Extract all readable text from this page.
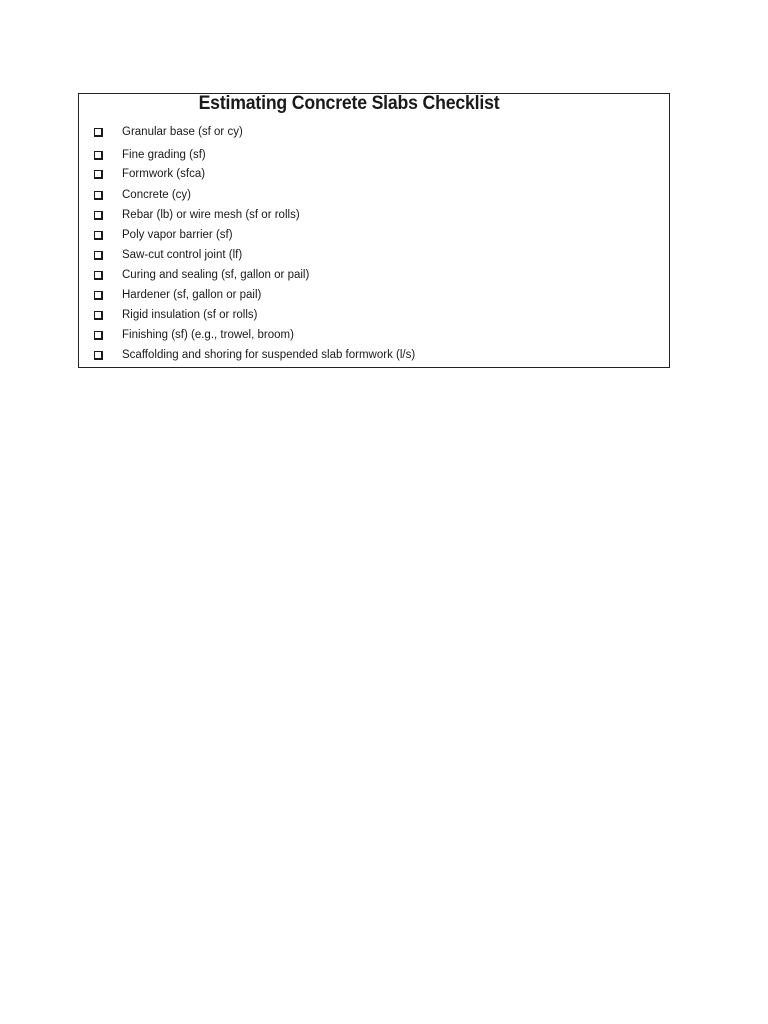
Estimating Concrete Slabs Checklist
Granular base (sf or cy)
Fine grading (sf)
Formwork (sfca)
Concrete (cy)
Rebar (lb) or wire mesh (sf or rolls)
Poly vapor barrier (sf)
Saw-cut control joint (lf)
Curing and sealing (sf, gallon or pail)
Hardener (sf, gallon or pail)
Rigid insulation (sf or rolls)
Finishing (sf) (e.g., trowel, broom)
Scaffolding and shoring for suspended slab formwork (l/s)
